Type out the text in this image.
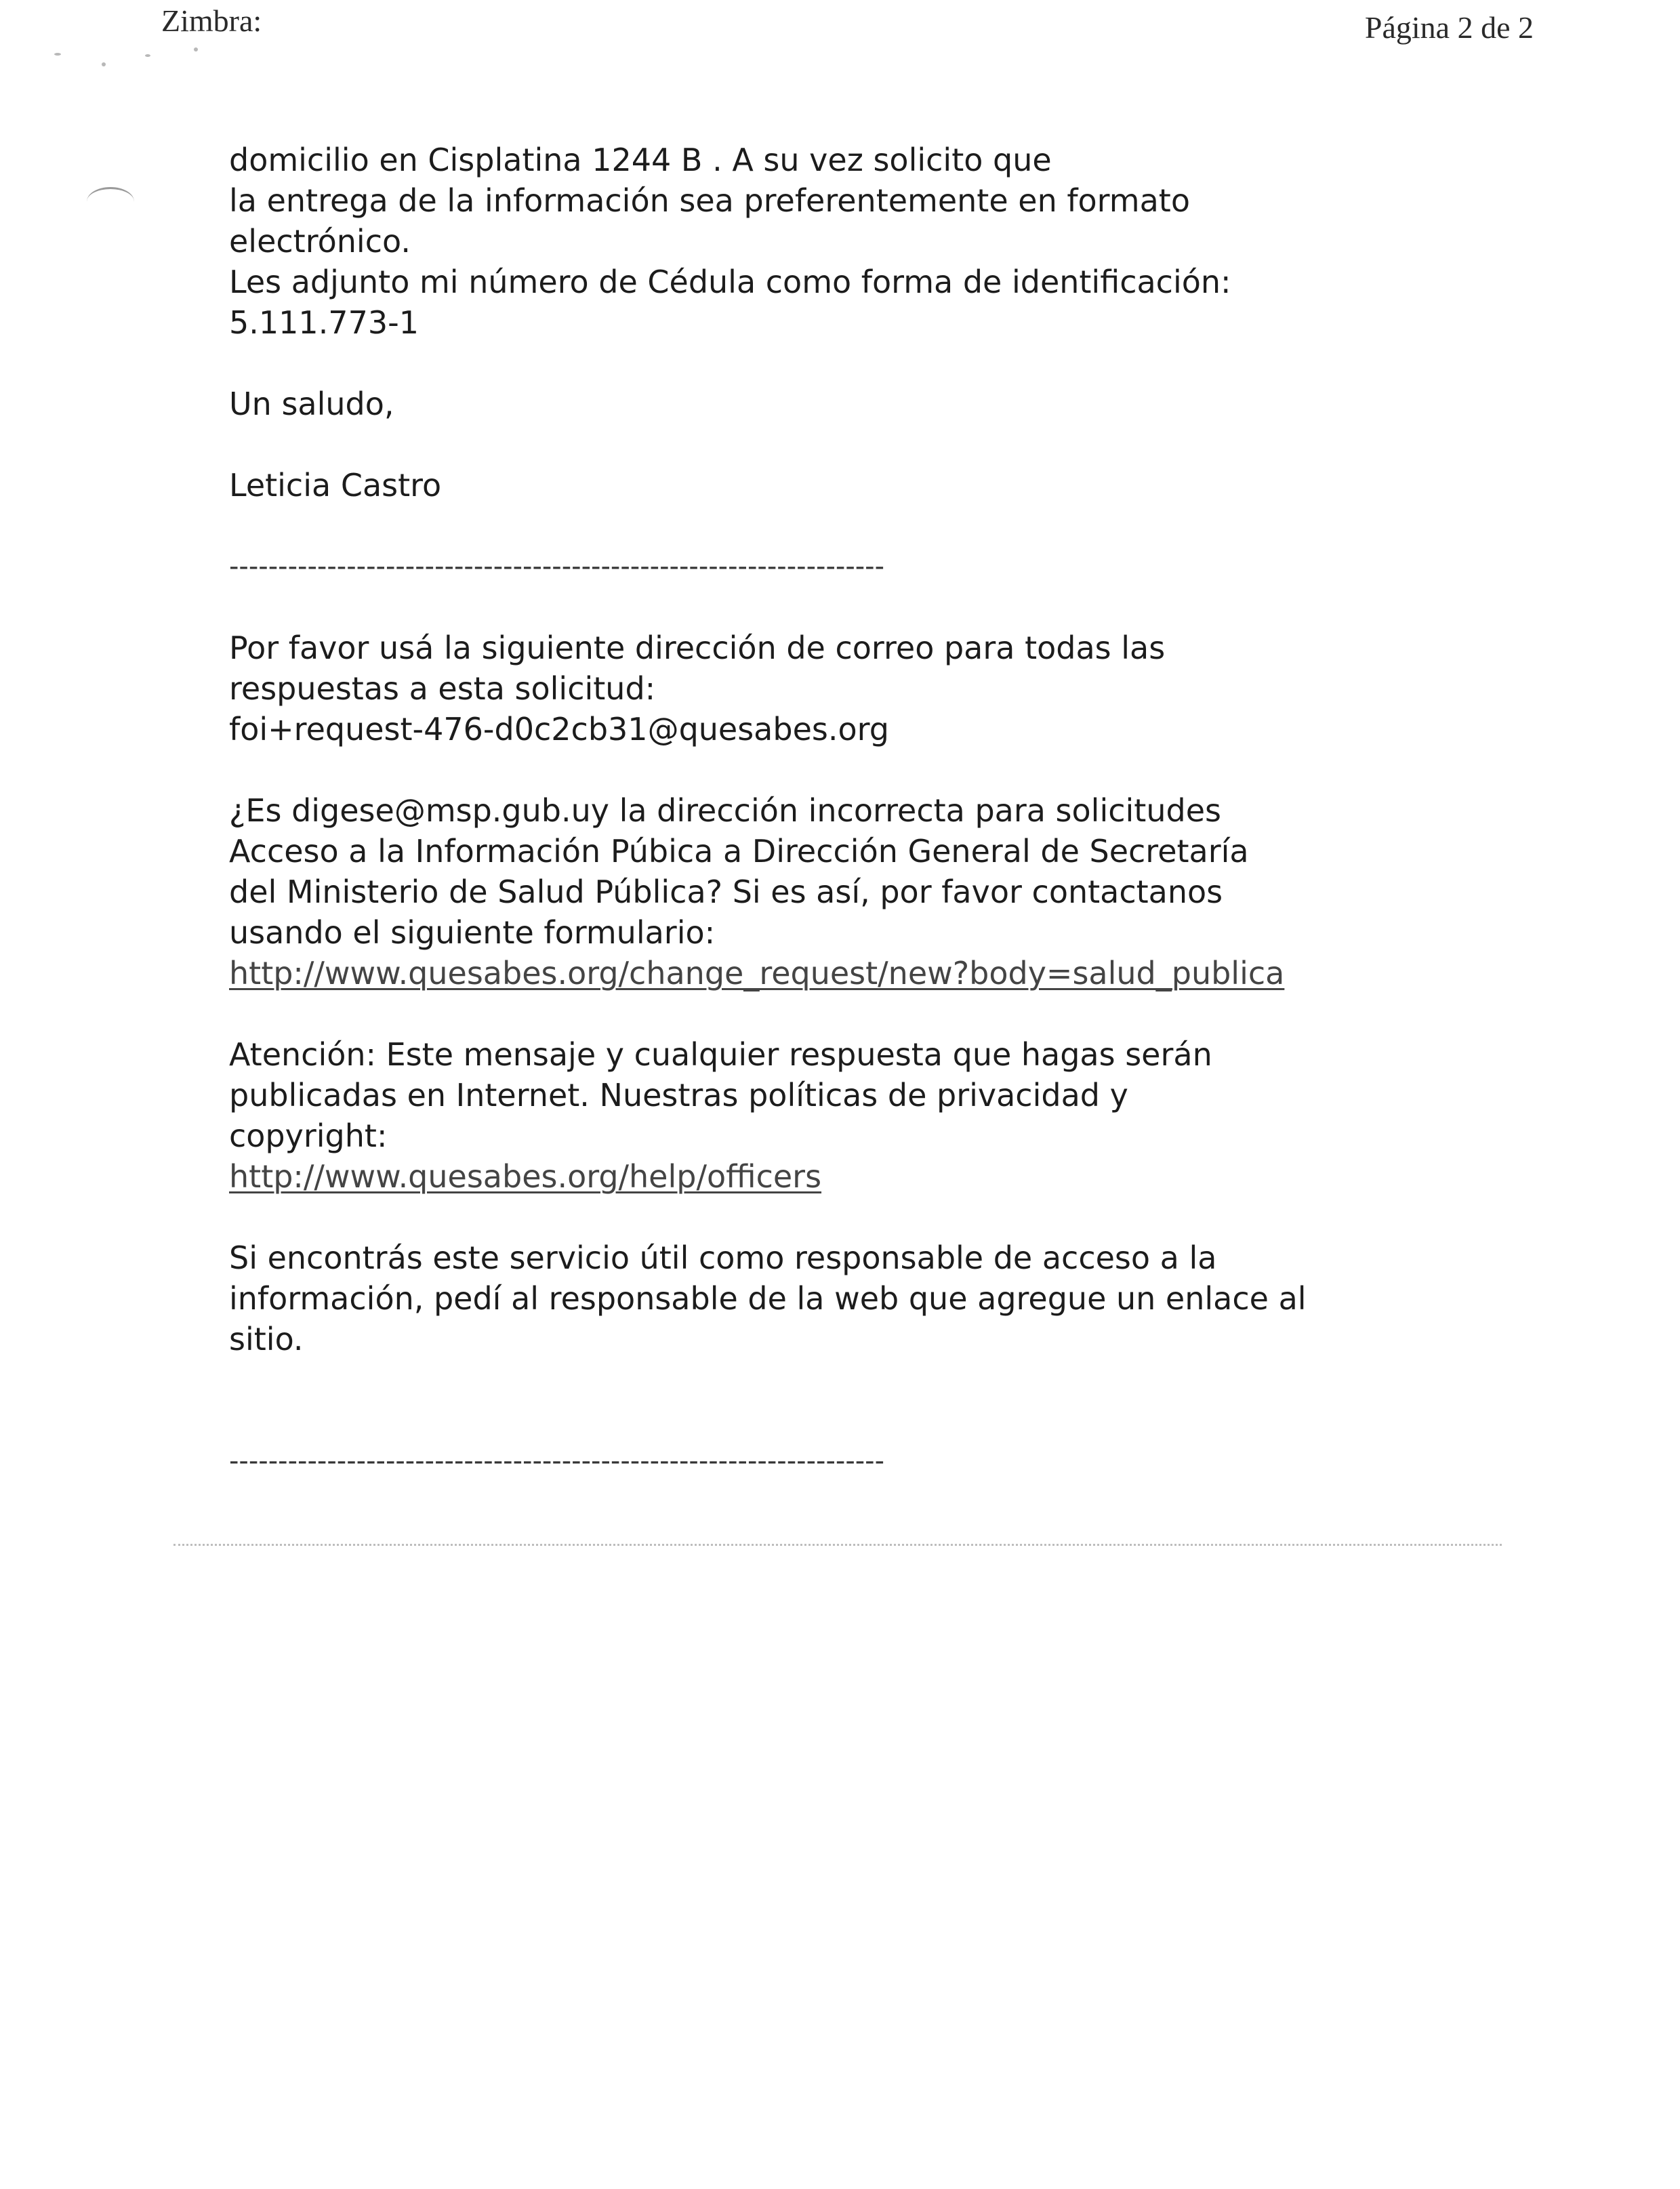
Zimbra:	Página 2 de 2
domicilio en Cisplatina 1244 B . A su vez solicito que
la entrega de la información sea preferentemente en formato
electrónico.
Les adjunto mi número de Cédula como forma de identificación:
5.111.773-1
Un saludo,
Leticia Castro
-------------------------------------------------------------------
Por favor usá la siguiente dirección de correo para todas las
respuestas a esta solicitud:
foi+request-476-d0c2cb31@quesabes.org
¿Es digese@msp.gub.uy la dirección incorrecta para solicitudes
Acceso a la Información Púbica a Dirección General de Secretaría
del Ministerio de Salud Pública? Si es así, por favor contactanos
usando el siguiente formulario:
http://www.quesabes.org/change_request/new?body=salud_publica
Atención: Este mensaje y cualquier respuesta que hagas serán
publicadas en Internet. Nuestras políticas de privacidad y
copyright:
http://www.quesabes.org/help/officers
Si encontrás este servicio útil como responsable de acceso a la
información, pedí al responsable de la web que agregue un enlace al
sitio.
-------------------------------------------------------------------
